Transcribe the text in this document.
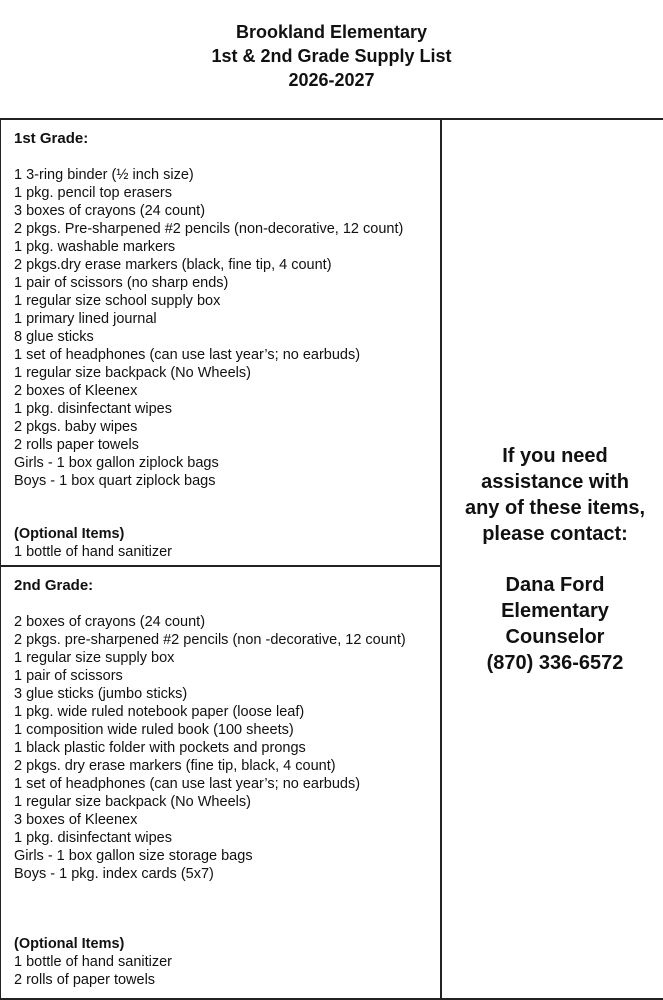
Brookland Elementary
1st & 2nd Grade Supply List
2026-2027
1st Grade:
1 3-ring binder (½ inch size)
1 pkg. pencil top erasers
3 boxes of crayons (24 count)
2 pkgs. Pre-sharpened #2 pencils (non-decorative, 12 count)
1 pkg. washable markers
2 pkgs.dry erase markers (black, fine tip, 4 count)
1 pair of scissors (no sharp ends)
1 regular size school supply box
1 primary lined journal
8 glue sticks
1 set of headphones (can use last year’s; no earbuds)
1 regular size backpack (No Wheels)
2 boxes of Kleenex
1 pkg. disinfectant wipes
2 pkgs. baby wipes
2 rolls paper towels
Girls - 1 box gallon ziplock bags
Boys - 1 box quart ziplock bags
(Optional Items)
1 bottle of hand sanitizer
2nd Grade:
2 boxes of crayons (24 count)
2 pkgs. pre-sharpened #2 pencils (non -decorative, 12 count)
1 regular size supply box
1 pair of scissors
3 glue sticks (jumbo sticks)
1 pkg. wide ruled notebook paper (loose leaf)
1 composition wide ruled book (100 sheets)
1 black plastic folder with pockets and prongs
2 pkgs. dry erase markers (fine tip, black, 4 count)
1 set of headphones (can use last year’s; no earbuds)
1 regular size backpack (No Wheels)
3 boxes of Kleenex
1 pkg. disinfectant wipes
Girls - 1 box gallon size storage bags
Boys - 1 pkg. index cards (5x7)
(Optional Items)
1 bottle of hand sanitizer
2 rolls of paper towels
If you need
assistance with
any of these items,
please contact:
Dana Ford
Elementary
Counselor
(870) 336-6572
